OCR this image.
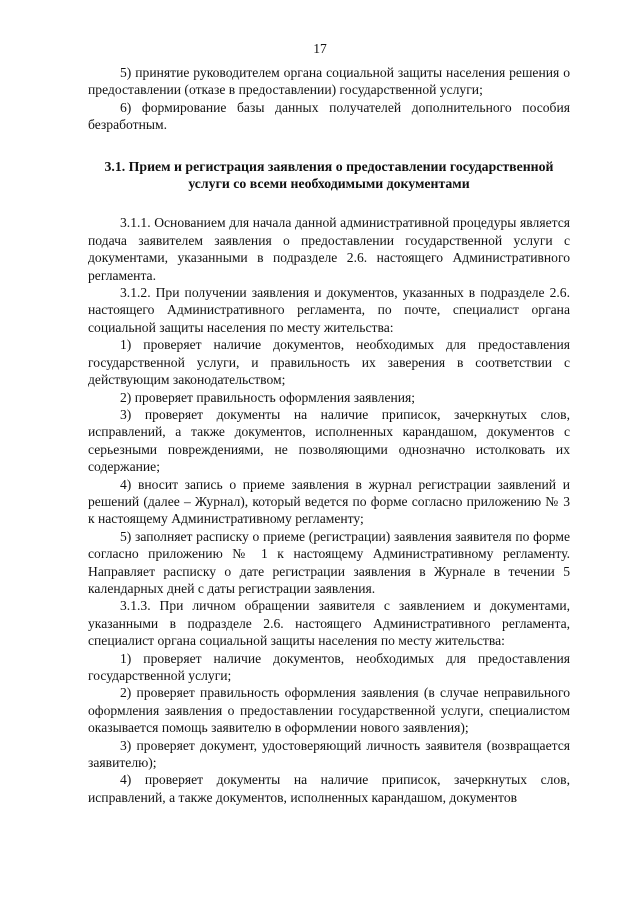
17

5) принятие руководителем органа социальной защиты населения решения о предоставлении (отказе в предоставлении) государственной услуги;

6) формирование базы данных получателей дополнительного пособия безработным.

3.1. Прием и регистрация заявления о предоставлении государственной услуги со всеми необходимыми документами

3.1.1. Основанием для начала данной административной процедуры является подача заявителем заявления о предоставлении государственной услуги с документами, указанными в подразделе 2.6. настоящего Административного регламента.

3.1.2. При получении заявления и документов, указанных в подразделе 2.6. настоящего Административного регламента, по почте, специалист органа социальной защиты населения по месту жительства:

1) проверяет наличие документов, необходимых для предоставления государственной услуги, и правильность их заверения в соответствии с действующим законодательством;

2) проверяет правильность оформления заявления;

3) проверяет документы на наличие приписок, зачеркнутых слов, исправлений, а также документов, исполненных карандашом, документов с серьезными повреждениями, не позволяющими однозначно истолковать их содержание;

4) вносит запись о приеме заявления в журнал регистрации заявлений и решений (далее – Журнал), который ведется по форме согласно приложению № 3 к настоящему Административному регламенту;

5) заполняет расписку о приеме (регистрации) заявления заявителя по форме согласно приложению № 1 к настоящему Административному регламенту. Направляет расписку о дате регистрации заявления в Журнале в течении 5 календарных дней с даты регистрации заявления.

3.1.3. При личном обращении заявителя с заявлением и документами, указанными в подразделе 2.6. настоящего Административного регламента, специалист органа социальной защиты населения по месту жительства:

1) проверяет наличие документов, необходимых для предоставления государственной услуги;

2) проверяет правильность оформления заявления (в случае неправильного оформления заявления о предоставлении государственной услуги, специалистом оказывается помощь заявителю в оформлении нового заявления);

3) проверяет документ, удостоверяющий личность заявителя (возвращается заявителю);

4) проверяет документы на наличие приписок, зачеркнутых слов, исправлений, а также документов, исполненных карандашом, документов
